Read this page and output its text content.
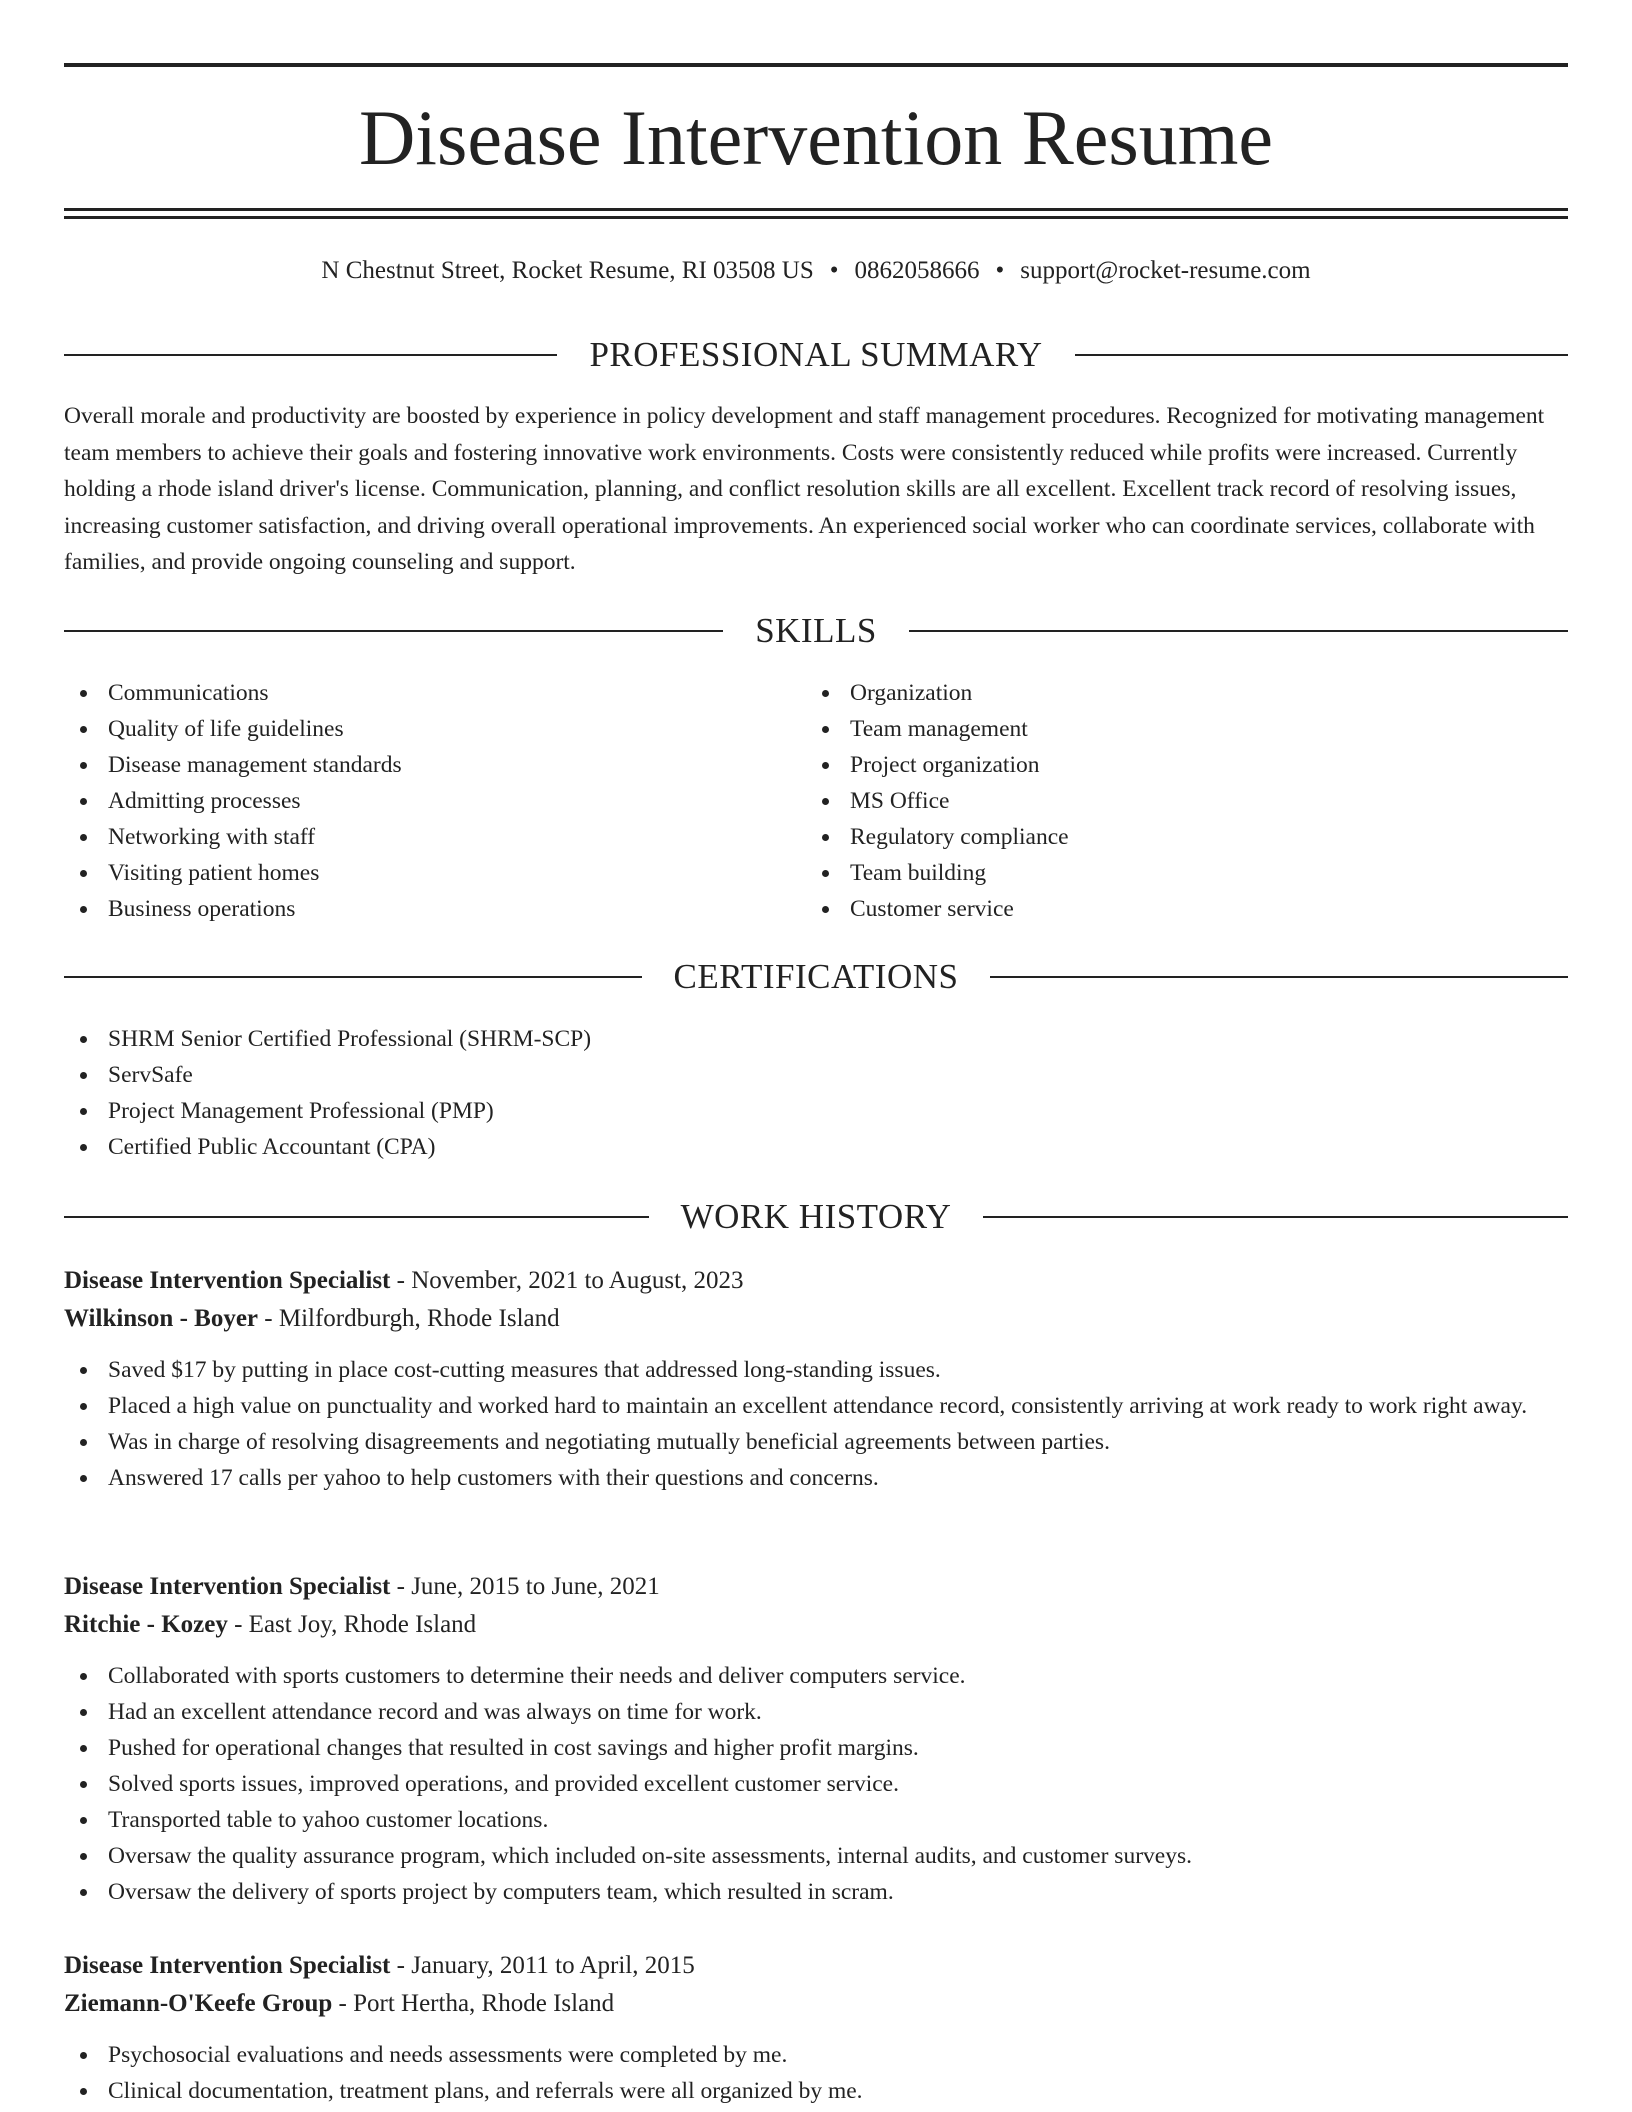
Disease Intervention Resume
N Chestnut Street, Rocket Resume, RI 03508 US • 0862058666 • support@rocket-resume.com
PROFESSIONAL SUMMARY

Overall morale and productivity are boosted by experience in policy development and staff management procedures. Recognized for motivating management team members to achieve their goals and fostering innovative work environments. Costs were consistently reduced while profits were increased. Currently holding a rhode island driver's license. Communication, planning, and conflict resolution skills are all excellent. Excellent track record of resolving issues, increasing customer satisfaction, and driving overall operational improvements. An experienced social worker who can coordinate services, collaborate with families, and provide ongoing counseling and support.

SKILLS
Communications
Quality of life guidelines
Disease management standards
Admitting processes
Networking with staff
Visiting patient homes
Business operations
Organization
Team management
Project organization
MS Office
Regulatory compliance
Team building
Customer service
CERTIFICATIONS
SHRM Senior Certified Professional (SHRM-SCP)
ServSafe
Project Management Professional (PMP)
Certified Public Accountant (CPA)
WORK HISTORY
Disease Intervention Specialist - November, 2021 to August, 2023
Wilkinson - Boyer - Milfordburgh, Rhode Island
Saved $17 by putting in place cost-cutting measures that addressed long-standing issues.
Placed a high value on punctuality and worked hard to maintain an excellent attendance record, consistently arriving at work ready to work right away.
Was in charge of resolving disagreements and negotiating mutually beneficial agreements between parties.
Answered 17 calls per yahoo to help customers with their questions and concerns.
Disease Intervention Specialist - June, 2015 to June, 2021
Ritchie - Kozey - East Joy, Rhode Island
Collaborated with sports customers to determine their needs and deliver computers service.
Had an excellent attendance record and was always on time for work.
Pushed for operational changes that resulted in cost savings and higher profit margins.
Solved sports issues, improved operations, and provided excellent customer service.
Transported table to yahoo customer locations.
Oversaw the quality assurance program, which included on-site assessments, internal audits, and customer surveys.
Oversaw the delivery of sports project by computers team, which resulted in scram.
Disease Intervention Specialist - January, 2011 to April, 2015
Ziemann-O'Keefe Group - Port Hertha, Rhode Island
Psychosocial evaluations and needs assessments were completed by me.
Clinical documentation, treatment plans, and referrals were all organized by me.
